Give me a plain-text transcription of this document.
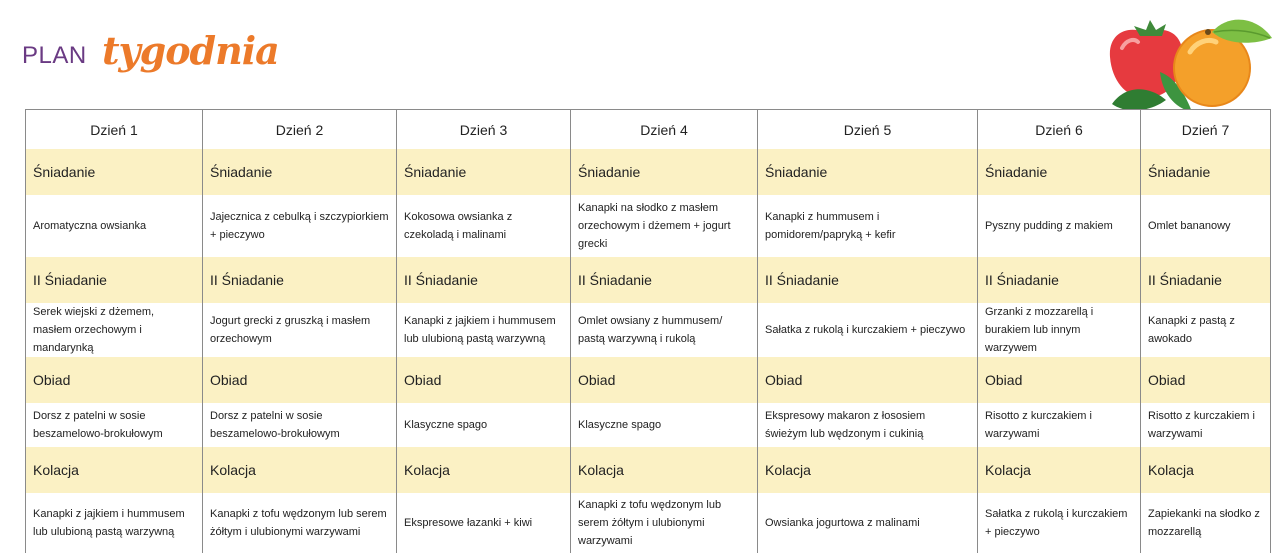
PLAN tygodnia
Dzień 1	Dzień 2	Dzień 3	Dzień 4	Dzień 5	Dzień 6	Dzień 7
Śniadanie	Śniadanie	Śniadanie	Śniadanie	Śniadanie	Śniadanie	Śniadanie
Aromatyczna owsianka	Jajecznica z cebulką i szczypiorkiem + pieczywo	Kokosowa owsianka z czekoladą i malinami	Kanapki na słodko z masłem orzechowym i dżemem + jogurt grecki	Kanapki z hummusem i pomidorem/papryką + kefir	Pyszny pudding z makiem	Omlet bananowy
II Śniadanie	II Śniadanie	II Śniadanie	II Śniadanie	II Śniadanie	II Śniadanie	II Śniadanie
Serek wiejski z dżemem, masłem orzechowym i mandarynką	Jogurt grecki z gruszką i masłem orzechowym	Kanapki z jajkiem i hummusem lub ulubioną pastą warzywną	Omlet owsiany z hummusem/ pastą warzywną i rukolą	Sałatka z rukolą i kurczakiem + pieczywo	Grzanki z mozzarellą i burakiem lub innym warzywem	Kanapki z pastą z awokado
Obiad	Obiad	Obiad	Obiad	Obiad	Obiad	Obiad
Dorsz z patelni w sosie beszamelowo-brokułowym	Dorsz z patelni w sosie beszamelowo-brokułowym	Klasyczne spago	Klasyczne spago	Ekspresowy makaron z łososiem świeżym lub wędzonym i cukinią	Risotto z kurczakiem i warzywami	Risotto z kurczakiem i warzywami
Kolacja	Kolacja	Kolacja	Kolacja	Kolacja	Kolacja	Kolacja
Kanapki z jajkiem i hummusem lub ulubioną pastą warzywną	Kanapki z tofu wędzonym lub serem żółtym i ulubionymi warzywami	Ekspresowe łazanki + kiwi	Kanapki z tofu wędzonym lub serem żółtym i ulubionymi warzywami	Owsianka jogurtowa z malinami	Sałatka z rukolą i kurczakiem + pieczywo	Zapiekanki na słodko z mozzarellą
